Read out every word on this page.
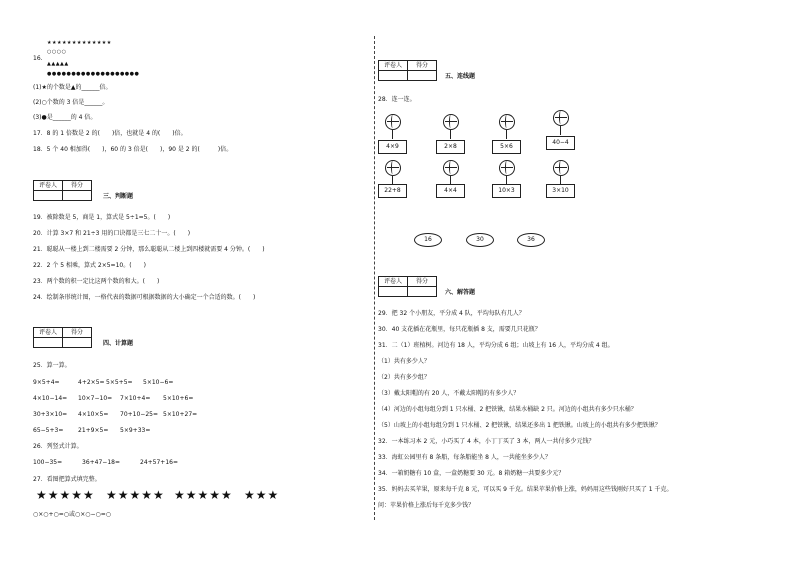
★★★★★★★★★★★★★
16.
○○○○
▲▲▲▲▲
●●●●●●●●●●●●●●●●●●●
(1)★的个数是▲的______倍。
(2)○个数的 3 倍是______。
(3)●是______的 4 倍。
17．8 的 1 倍数是 2 的(　　)倍，也就是 4 的(　　)倍。
18．5 个 40 相加得(　　)，60 的 3 倍是(　　)，90 是 2 的(　　　)倍。
评卷人	得分

三、判断题
19．被除数是 5，商是 1，算式是 5÷1=5。(　　)
20．计算 3×7 和 21÷3 用的口诀都是三七二十一。(　　)
21．聪聪从一楼上到二楼需要 2 分钟，那么聪聪从二楼上到四楼就需要 4 分钟。(　　)
22．2 个 5 相乘，算式 2×5=10。(　　)
23．两个数的积一定比这两个数的和大。(　　)
24．绘制条形统计图，一格代表的数据可根据数据的大小确定一个合适的数。(　　)
评卷人	得分

四、计算题
25．算一算。
9×5+4=	4+2×5= 5×5+5= 5×10−6=
4×10−14= 10×7−10= 7×10+4= 5×10+6=
30+3×10= 4×10×5= 70+10−25= 5×10+27=
65−5+3= 21+9×5= 5×9+33=
26．列竖式计算。
100−35=	36+47−18=	24+57+16=
27．看图把算式填完整。
★★★★★ ★★★★★ ★★★★★ ★★★
○×○+○=○或○×○−○=○
评卷人	得分

五、连线题
28．连一连。
4×9	2×8	5×6
40−4
22+8	4×4	10×3	3×10
16	30	36
评卷人	得分

六、解答题
29．把 32 个小朋友，平分成 4 队，平均每队有几人？
30．40 支花插在花瓶里，每只花瓶插 8 支，需要几只花瓶？
31．二（1）班植树。河边有 18 人，平均分成 6 组；山坡上有 16 人，平均分成 4 组。
（1）共有多少人？
（2）共有多少组？
（3）戴太阳帽的有 20 人，不戴太阳帽的有多少人？
（4）河边的小组每组分到 1 只水桶、2 把铁锹，结果水桶缺 2 只。河边的小组共有多少只水桶？
（5）山坡上的小组每组分到 1 只水桶、2 把铁锹，结果还多出 1 把铁锹。山坡上的小组共有多少把铁锹？
32．一本练习本 2 元，小巧买了 4 本，小丁丁买了 3 本，两人一共付多少元钱？
33．海虹公园里有 8 条船，每条船能坐 8 人，一共能坐多少人？
34．一箱奶糖有 10 盒，一盒奶糖要 30 元。8 箱奶糖一共要多少元？
35．妈妈去买苹果，原来每千克 8 元，可以买 9 千克。结果苹果价格上涨，妈妈用这些钱刚好只买了 1 千克。
问：苹果价格上涨后每千克多少钱？
